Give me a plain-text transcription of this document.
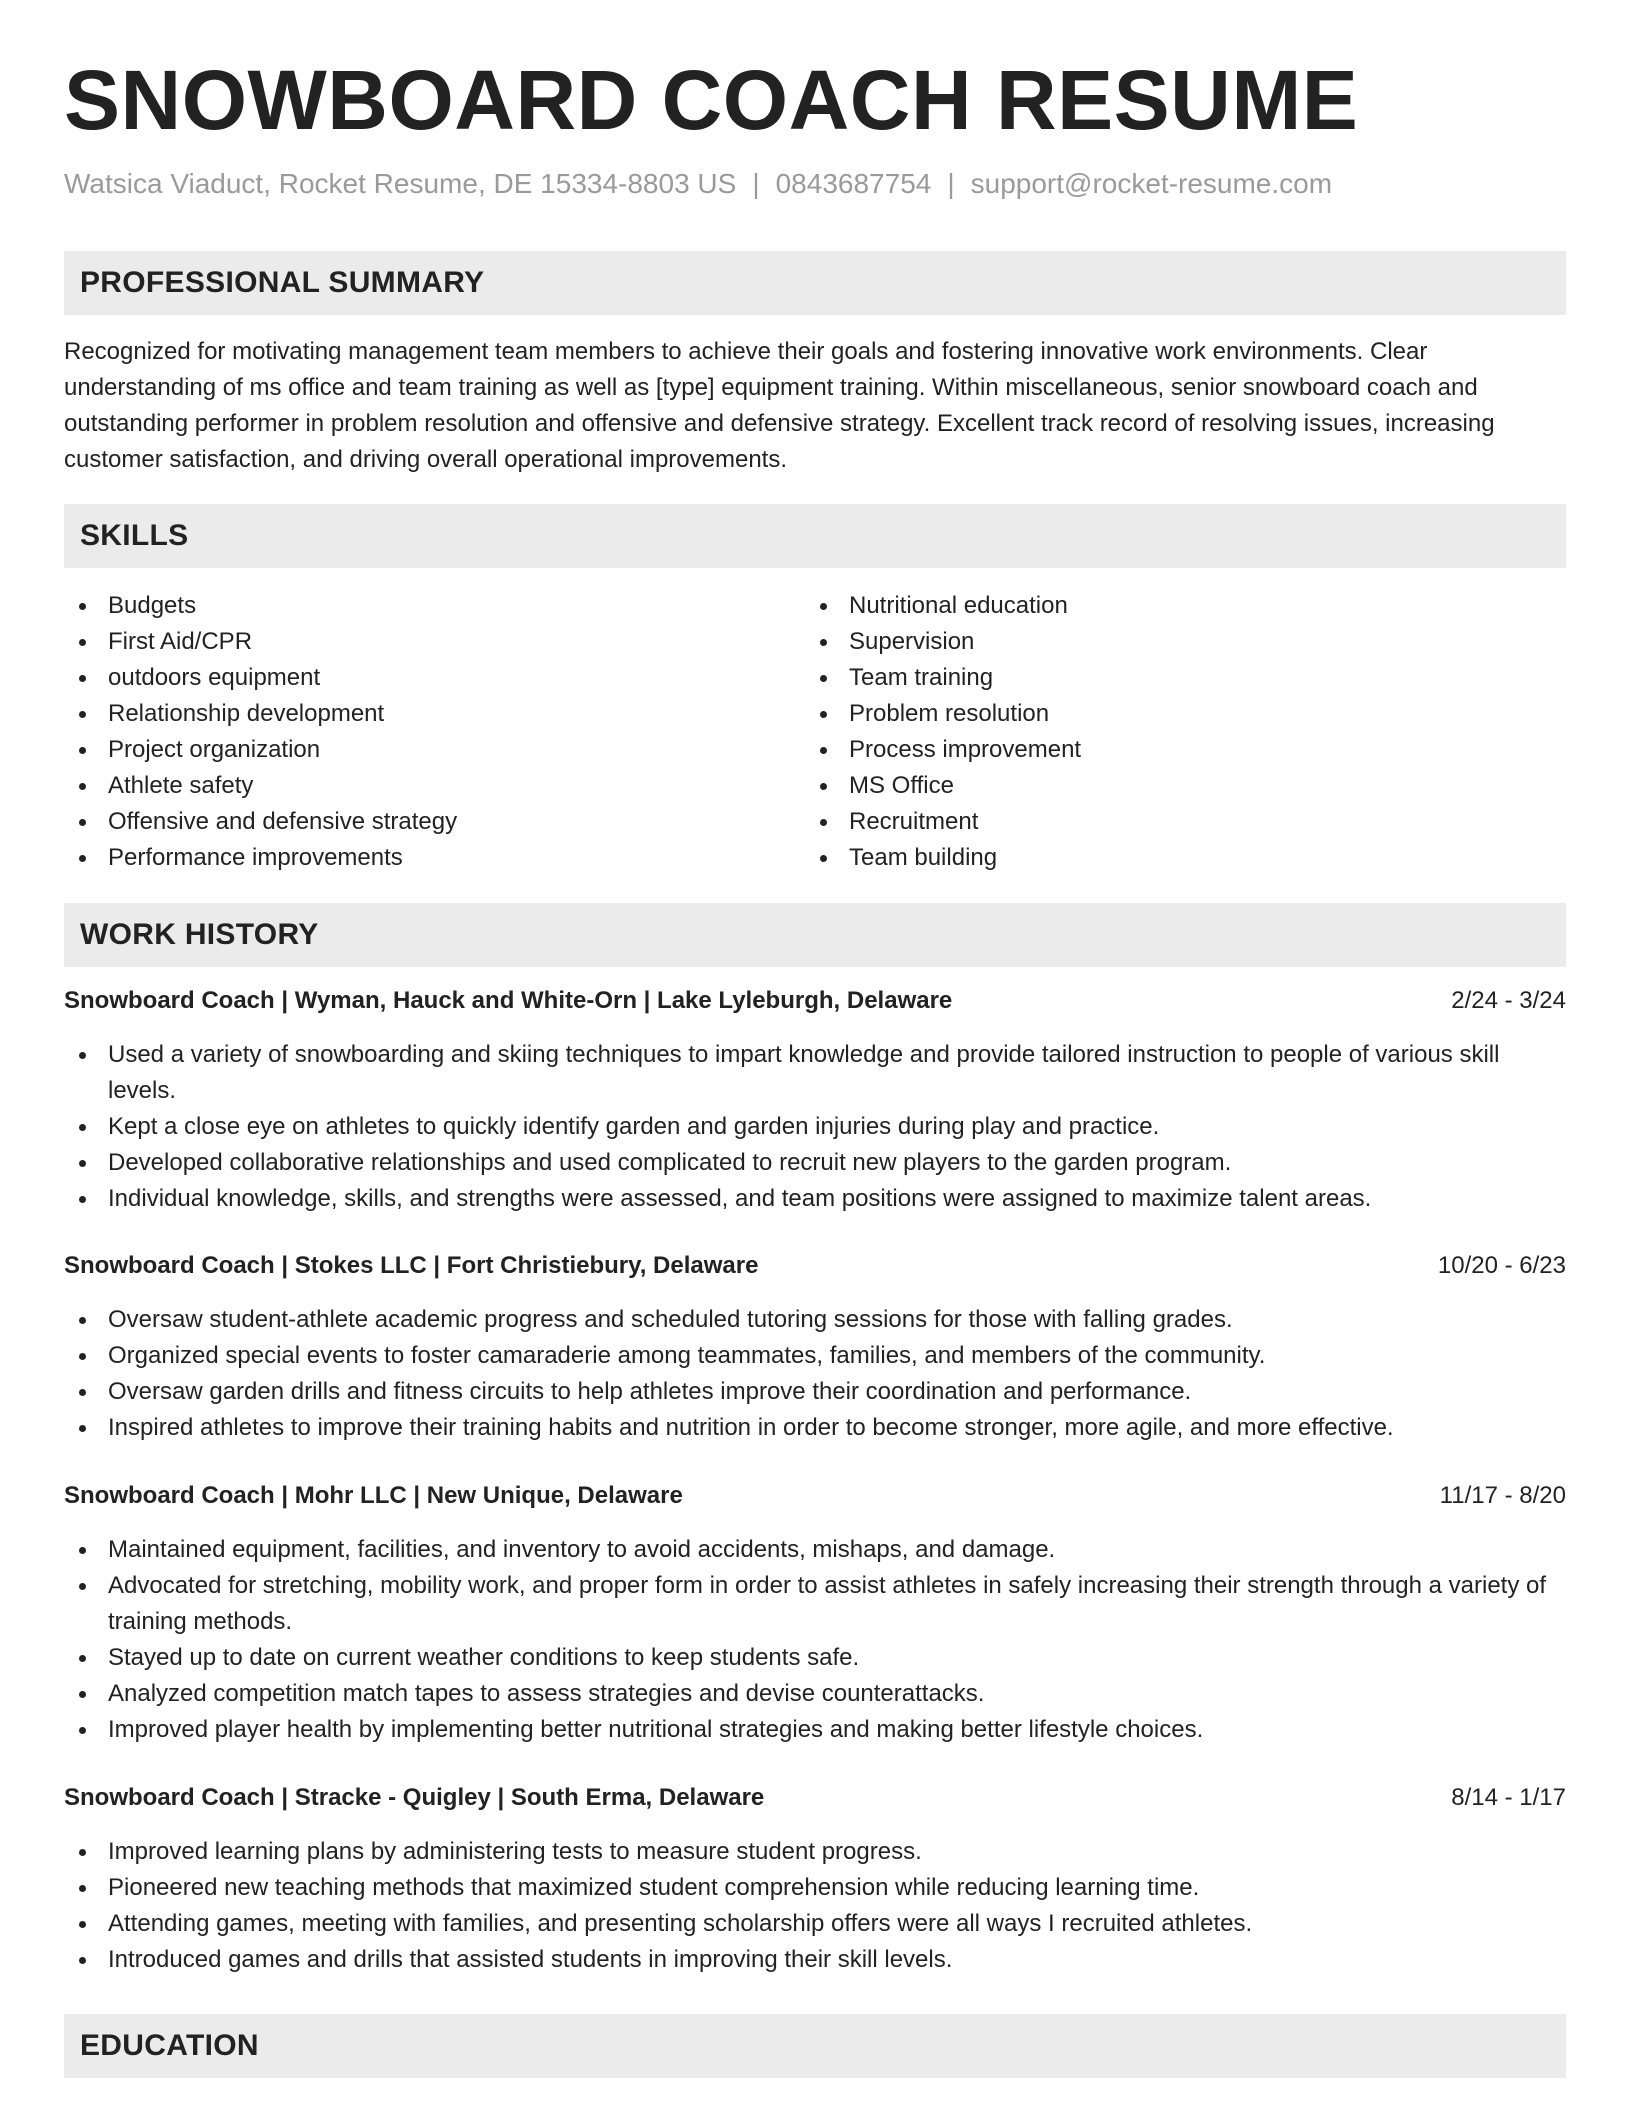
SNOWBOARD COACH RESUME
Watsica Viaduct, Rocket Resume, DE 15334-8803 US | 0843687754 | support@rocket-resume.com
PROFESSIONAL SUMMARY

Recognized for motivating management team members to achieve their goals and fostering innovative work environments. Clear understanding of ms office and team training as well as [type] equipment training. Within miscellaneous, senior snowboard coach and outstanding performer in problem resolution and offensive and defensive strategy. Excellent track record of resolving issues, increasing customer satisfaction, and driving overall operational improvements.

SKILLS
Budgets
First Aid/CPR
outdoors equipment
Relationship development
Project organization
Athlete safety
Offensive and defensive strategy
Performance improvements
Nutritional education
Supervision
Team training
Problem resolution
Process improvement
MS Office
Recruitment
Team building
WORK HISTORY
Snowboard Coach | Wyman, Hauck and White-Orn | Lake Lyleburgh, Delaware	2/24 - 3/24
Used a variety of snowboarding and skiing techniques to impart knowledge and provide tailored instruction to people of various skill levels.
Kept a close eye on athletes to quickly identify garden and garden injuries during play and practice.
Developed collaborative relationships and used complicated to recruit new players to the garden program.
Individual knowledge, skills, and strengths were assessed, and team positions were assigned to maximize talent areas.
Snowboard Coach | Stokes LLC | Fort Christiebury, Delaware	10/20 - 6/23
Oversaw student-athlete academic progress and scheduled tutoring sessions for those with falling grades.
Organized special events to foster camaraderie among teammates, families, and members of the community.
Oversaw garden drills and fitness circuits to help athletes improve their coordination and performance.
Inspired athletes to improve their training habits and nutrition in order to become stronger, more agile, and more effective.
Snowboard Coach | Mohr LLC | New Unique, Delaware	11/17 - 8/20
Maintained equipment, facilities, and inventory to avoid accidents, mishaps, and damage.
Advocated for stretching, mobility work, and proper form in order to assist athletes in safely increasing their strength through a variety of training methods.
Stayed up to date on current weather conditions to keep students safe.
Analyzed competition match tapes to assess strategies and devise counterattacks.
Improved player health by implementing better nutritional strategies and making better lifestyle choices.
Snowboard Coach | Stracke - Quigley | South Erma, Delaware	8/14 - 1/17
Improved learning plans by administering tests to measure student progress.
Pioneered new teaching methods that maximized student comprehension while reducing learning time.
Attending games, meeting with families, and presenting scholarship offers were all ways I recruited athletes.
Introduced games and drills that assisted students in improving their skill levels.
EDUCATION
